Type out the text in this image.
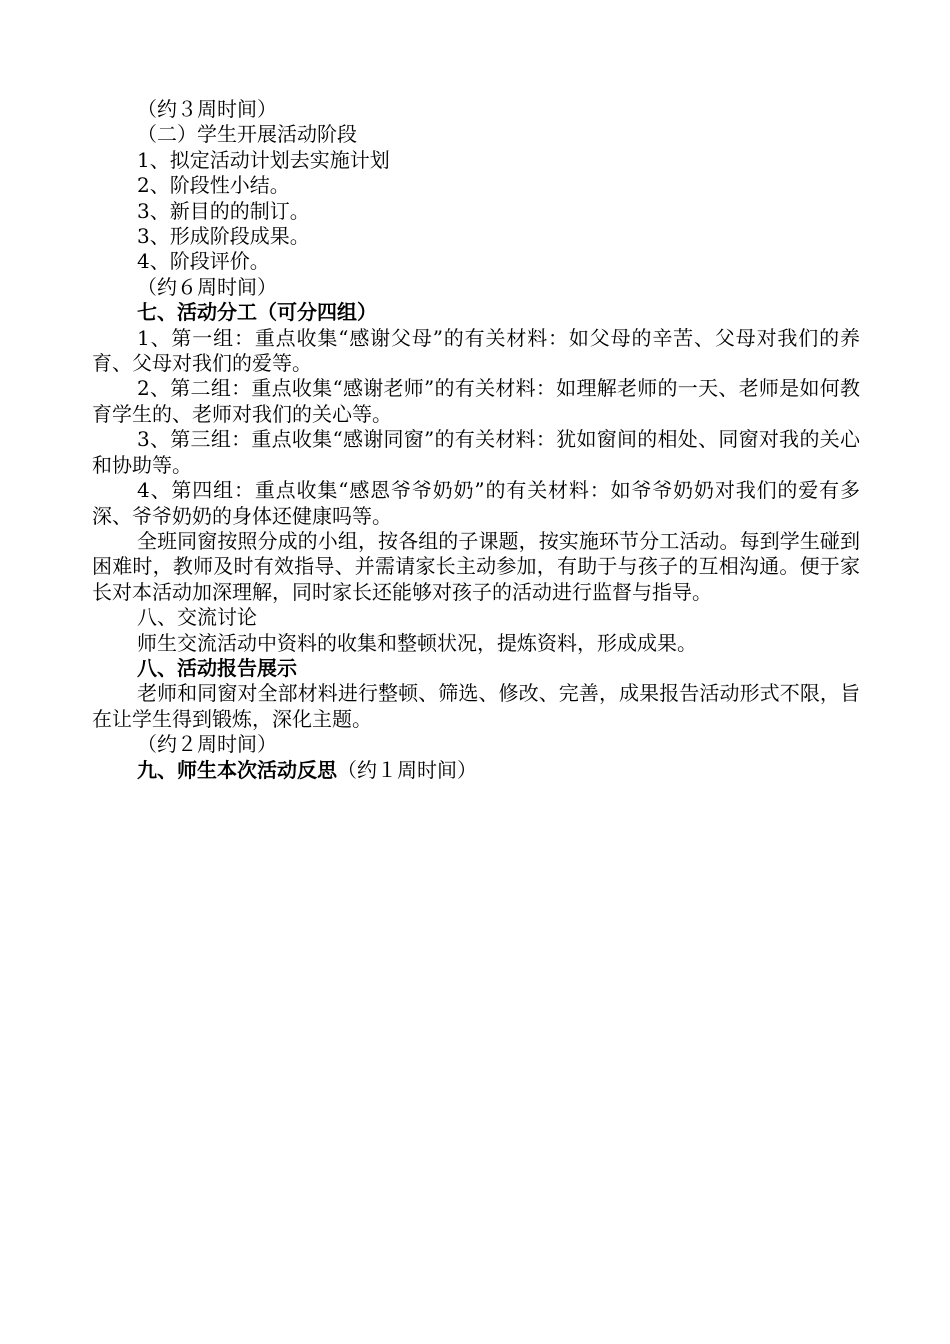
（约３周时间）

（二）学生开展活动阶段

1、拟定活动计划去实施计划

2、阶段性小结。

3、新目的的制订。

3、形成阶段成果。

4、阶段评价。

（约６周时间）

七、活动分工（可分四组）

1、第一组：重点收集“感谢父母”的有关材料：如父母的辛苦、父母对我们的养育、父母对我们的爱等。

2、第二组：重点收集“感谢老师”的有关材料：如理解老师的一天、老师是如何教育学生的、老师对我们的关心等。

3、第三组：重点收集“感谢同窗”的有关材料：犹如窗间的相处、同窗对我的关心和协助等。

4、第四组：重点收集“感恩爷爷奶奶”的有关材料：如爷爷奶奶对我们的爱有多深、爷爷奶奶的身体还健康吗等。

全班同窗按照分成的小组，按各组的子课题，按实施环节分工活动。每到学生碰到困难时，教师及时有效指导、并需请家长主动参加，有助于与孩子的互相沟通。便于家长对本活动加深理解，同时家长还能够对孩子的活动进行监督与指导。

八、交流讨论

师生交流活动中资料的收集和整顿状况，提炼资料，形成成果。

八、活动报告展示

老师和同窗对全部材料进行整顿、筛选、修改、完善，成果报告活动形式不限，旨在让学生得到锻炼，深化主题。

（约２周时间）

九、师生本次活动反思（约１周时间）
